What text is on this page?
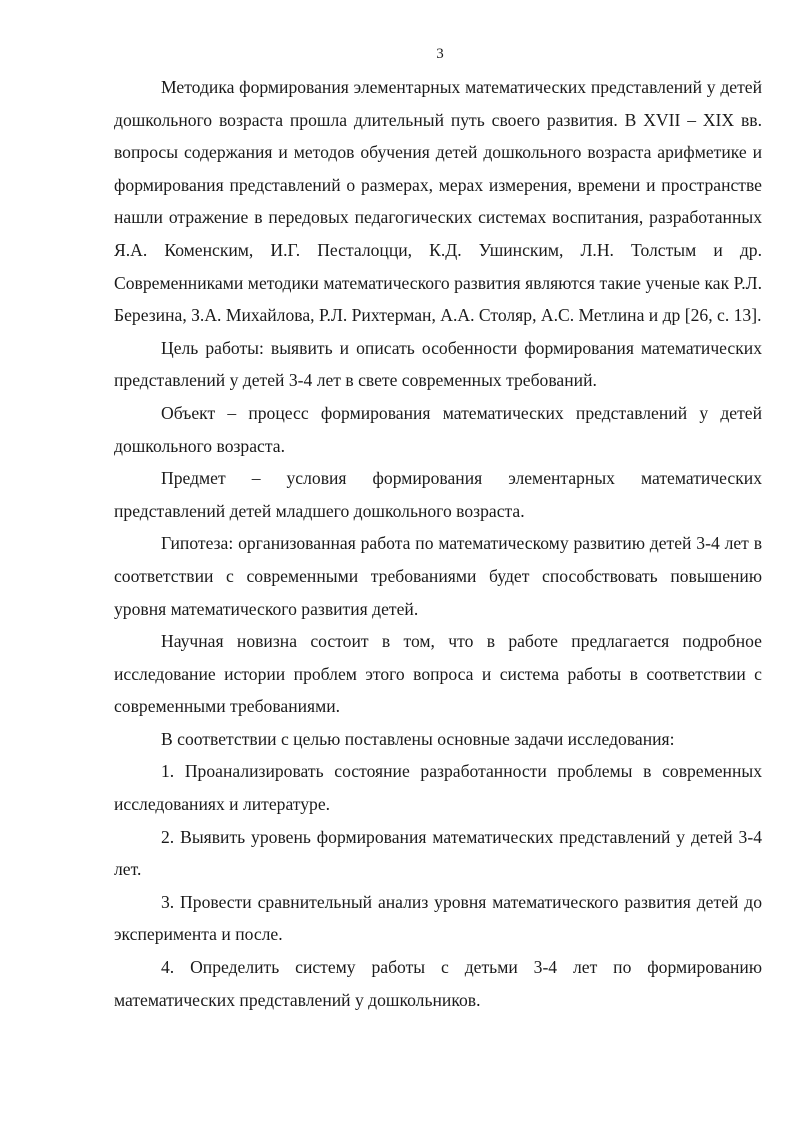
3

Методика формирования элементарных математических представлений у детей дошкольного возраста прошла длительный путь своего развития. В XVII – XIX вв. вопросы содержания и методов обучения детей дошкольного возраста арифметике и формирования представлений о размерах, мерах измерения, времени и пространстве нашли отражение в передовых педагогических системах воспитания, разработанных Я.А. Коменским, И.Г. Песталоцци, К.Д. Ушинским, Л.Н. Толстым и др. Современниками методики математического развития являются такие ученые как Р.Л. Березина, З.А. Михайлова, Р.Л. Рихтерман, А.А. Столяр, А.С. Метлина и др [26, с. 13].

Цель работы: выявить и описать особенности формирования математических представлений у детей 3-4 лет в свете современных требований.

Объект – процесс формирования математических представлений у детей дошкольного возраста.

Предмет – условия формирования элементарных математических представлений детей младшего дошкольного возраста.

Гипотеза: организованная работа по математическому развитию детей 3-4 лет в соответствии с современными требованиями будет способствовать повышению уровня математического развития детей.

Научная новизна состоит в том, что в работе предлагается подробное исследование истории проблем этого вопроса и система работы в соответствии с современными требованиями.

В соответствии с целью поставлены основные задачи исследования:

1. Проанализировать состояние разработанности проблемы в современных исследованиях и литературе.

2. Выявить уровень формирования математических представлений у детей 3-4 лет.

3. Провести сравнительный анализ уровня математического развития детей до эксперимента и после.

4. Определить систему работы с детьми 3-4 лет по формированию математических представлений у дошкольников.
